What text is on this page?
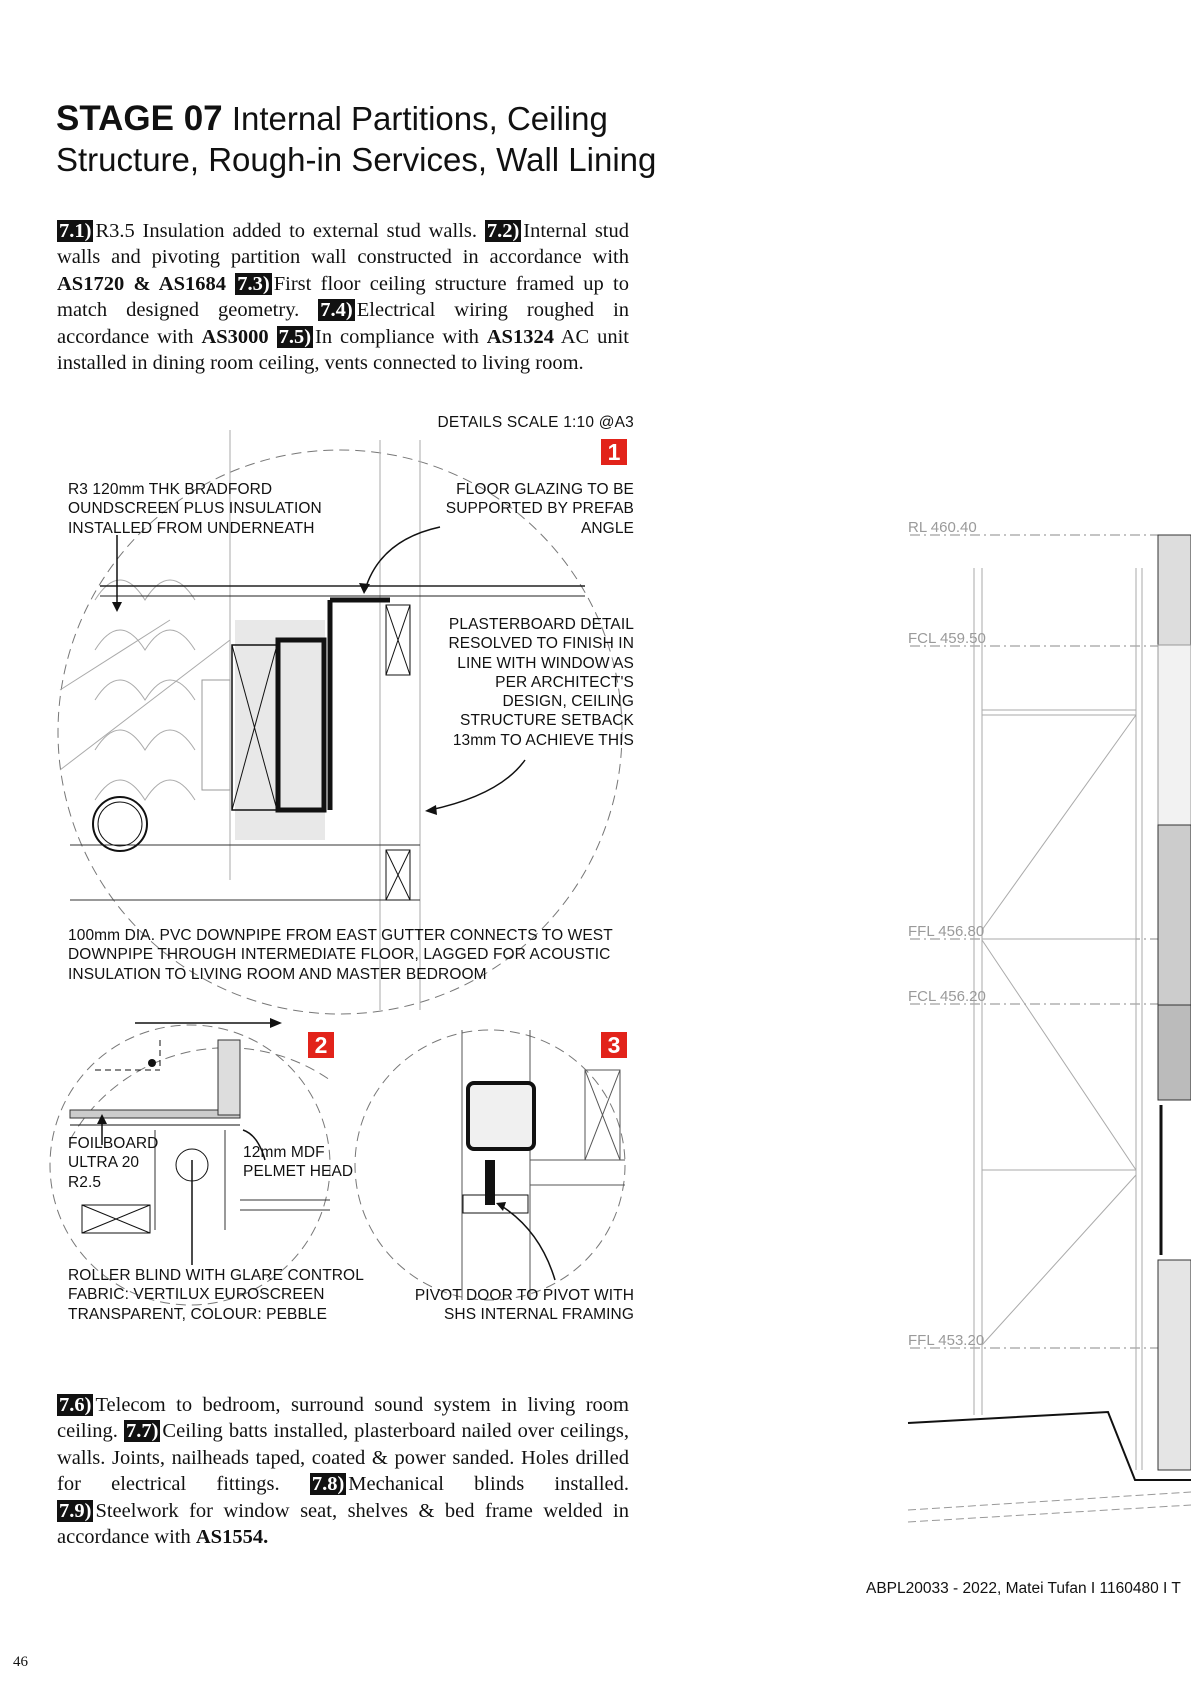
STAGE 07 Internal Partitions, Ceiling Structure, Rough-in Services, Wall Lining
7.1) R3.5 Insulation added to external stud walls. 7.2) Internal stud walls and pivoting partition wall constructed in accordance with AS1720 & AS1684 7.3) First floor ceiling structure framed up to match designed geometry. 7.4) Electrical wiring roughed in accordance with AS3000 7.5) In compliance with AS1324 AC unit installed in dining room ceiling, vents connected to living room.
DETAILS SCALE 1:10 @A3
1
R3 120mm THK BRADFORD
OUNDSCREEN PLUS INSULATION
INSTALLED FROM UNDERNEATH
FLOOR GLAZING TO BE
SUPPORTED BY PREFAB
ANGLE
PLASTERBOARD DETAIL
RESOLVED TO FINISH IN
LINE WITH WINDOW AS
PER ARCHITECT'S
DESIGN, CEILING
STRUCTURE SETBACK
13mm TO ACHIEVE THIS
100mm DIA. PVC DOWNPIPE FROM EAST GUTTER CONNECTS TO WEST
DOWNPIPE THROUGH INTERMEDIATE FLOOR, LAGGED FOR ACOUSTIC
INSULATION TO LIVING ROOM AND MASTER BEDROOM
2
FOILBOARD
ULTRA 20
R2.5
12mm MDF
PELMET HEAD
ROLLER BLIND WITH GLARE CONTROL
FABRIC: VERTILUX EUROSCREEN
TRANSPARENT, COLOUR: PEBBLE
3
PIVOT DOOR TO PIVOT WITH
SHS INTERNAL FRAMING
7.6) Telecom to bedroom, surround sound system in living room ceiling. 7.7) Ceiling batts installed, plasterboard nailed over ceilings, walls. Joints, nailheads taped, coated & power sanded. Holes drilled for electrical fittings. 7.8) Mechanical blinds installed. 7.9) Steelwork for window seat, shelves & bed frame welded in accordance with AS1554.
RL 460.40
FCL 459.50
FFL 456.80
FCL 456.20
FFL 453.20
ABPL20033 - 2022, Matei Tufan I 1160480 I T
46
